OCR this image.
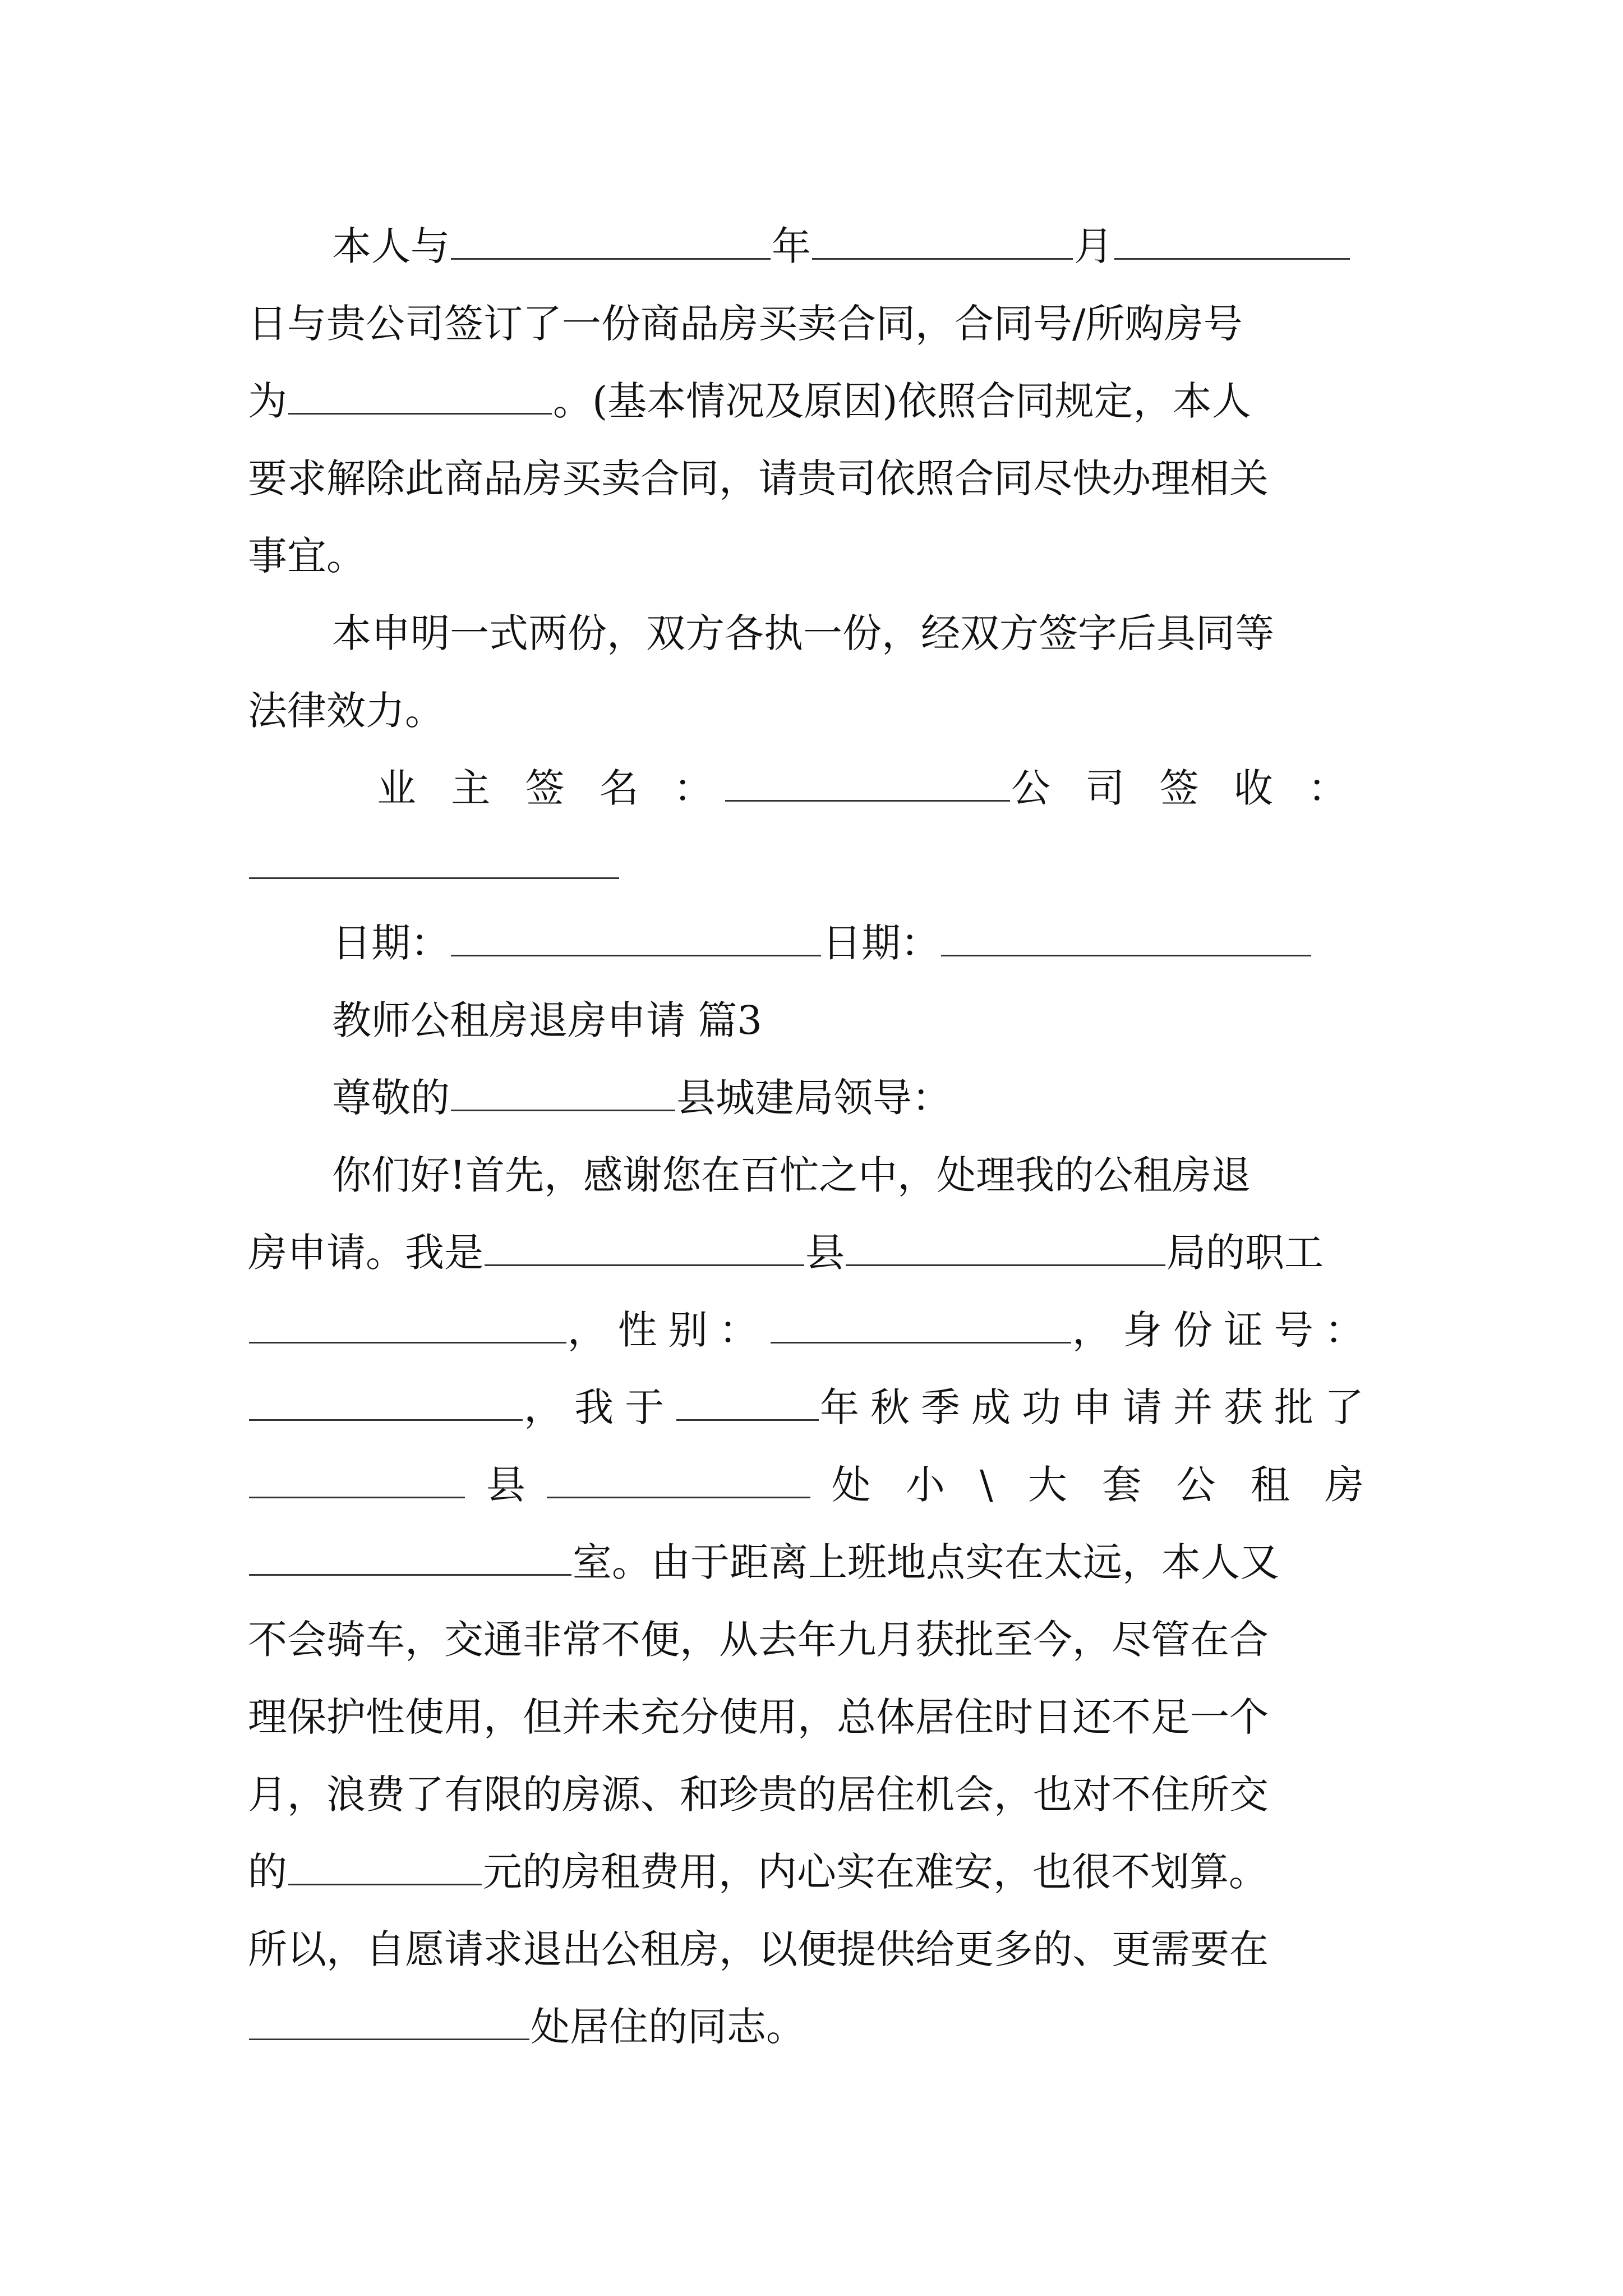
本人与	年	月
日与贵公司签订了一份商品房买卖合同，合同号/所购房号
为	。(基本情况及原因)依照合同规定，本人
要求解除此商品房买卖合同，请贵司依照合同尽快办理相关
事宜。
本申明一式两份，双方各执一份，经双方签字后具同等
法律效力。
业 主 签 名 ：	公 司 签 收 ：
日期：	日期：
教师公租房退房申请 篇3
尊敬的	县城建局领导：
你们好!首先，感谢您在百忙之中，处理我的公租房退
房申请。我是	县	局的职工
，性别：	，身份证号：
，我于	年秋季成功申请并获批了
县	处 小 \ 大 套 公 租 房
室。由于距离上班地点实在太远，本人又
不会骑车，交通非常不便，从去年九月获批至今，尽管在合
理保护性使用，但并未充分使用，总体居住时日还不足一个
月，浪费了有限的房源、和珍贵的居住机会，也对不住所交
的	元的房租费用，内心实在难安，也很不划算。
所以，自愿请求退出公租房，以便提供给更多的、更需要在
处居住的同志。
